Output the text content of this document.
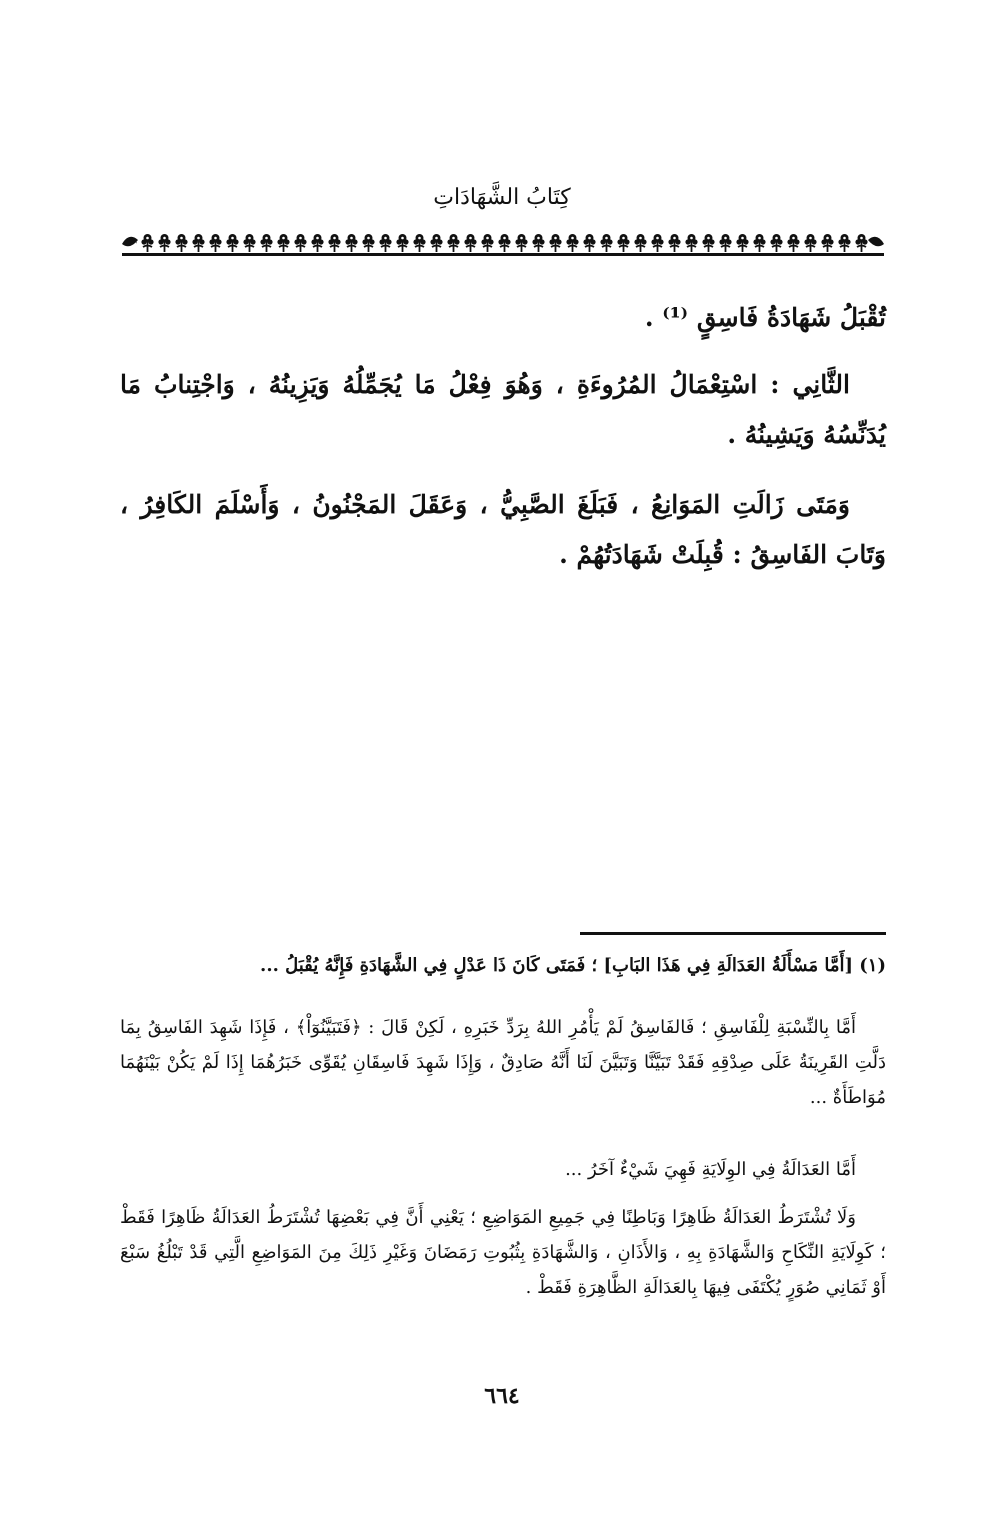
كِتَابُ الشَّهَادَاتِ
تُقْبَلُ شَهَادَةُ فَاسِقٍ ⁽¹⁾ .
الثَّانِي : اسْتِعْمَالُ المُرُوءَةِ ، وَهُوَ فِعْلُ مَا يُجَمِّلُهُ وَيَزِينُهُ ، وَاجْتِنابُ مَا يُدَنِّسُهُ وَيَشِينُهُ .
وَمَتَى زَالَتِ المَوَانِعُ ، فَبَلَغَ الصَّبِيُّ ، وَعَقَلَ المَجْنُونُ ، وَأَسْلَمَ الكَافِرُ ، وَتَابَ الفَاسِقُ : قُبِلَتْ شَهَادَتُهُمْ .
(١) [أَمَّا مَسْأَلَةُ العَدَالَةِ فِي هَذَا البَابِ] ؛ فَمَتَى كَانَ ذَا عَدْلٍ فِي الشَّهَادَةِ فَإِنَّهُ يُقْبَلُ ...
أَمَّا بِالنِّسْبَةِ لِلْفَاسِقِ ؛ فَالفَاسِقُ لَمْ يَأْمُرِ اللهُ بِرَدِّ خَبَرِهِ ، لَكِنْ قَالَ : ﴿فَتَبَيَّنُوٓاْ﴾ ، فَإِذَا شَهِدَ الفَاسِقُ بِمَا دَلَّتِ القَرِينَةُ عَلَى صِدْقِهِ فَقَدْ تَبَيَّنَّا وَتَبَيَّنَ لَنَا أَنَّهُ صَادِقٌ ، وَإِذَا شَهِدَ فَاسِقَانِ يُقَوِّى خَبَرُهُمَا إِذَا لَمْ يَكُنْ بَيْنَهُمَا مُوَاطَأَةٌ ...
أَمَّا العَدَالَةُ فِي الوِلَايَةِ فَهِيَ شَيْءٌ آخَرُ ...
وَلَا تُشْتَرَطُ العَدَالَةُ ظَاهِرًا وَبَاطِنًا فِي جَمِيعِ المَوَاضِعِ ؛ يَعْنِي أَنَّ فِي بَعْضِهَا تُشْتَرَطُ العَدَالَةُ ظَاهِرًا فَقَطْ ؛ كَوِلَايَةِ النِّكَاحِ وَالشَّهَادَةِ بِهِ ، وَالأَذَانِ ، وَالشَّهَادَةِ بِثُبُوتِ رَمَضَانَ وَغَيْرِ ذَلِكَ مِنَ المَوَاضِعِ الَّتِي قَدْ تَبْلُغُ سَبْعَ أَوْ ثَمَانِي صُوَرٍ يُكْتَفَى فِيهَا بِالعَدَالَةِ الظَّاهِرَةِ فَقَطْ .
٦٦٤
